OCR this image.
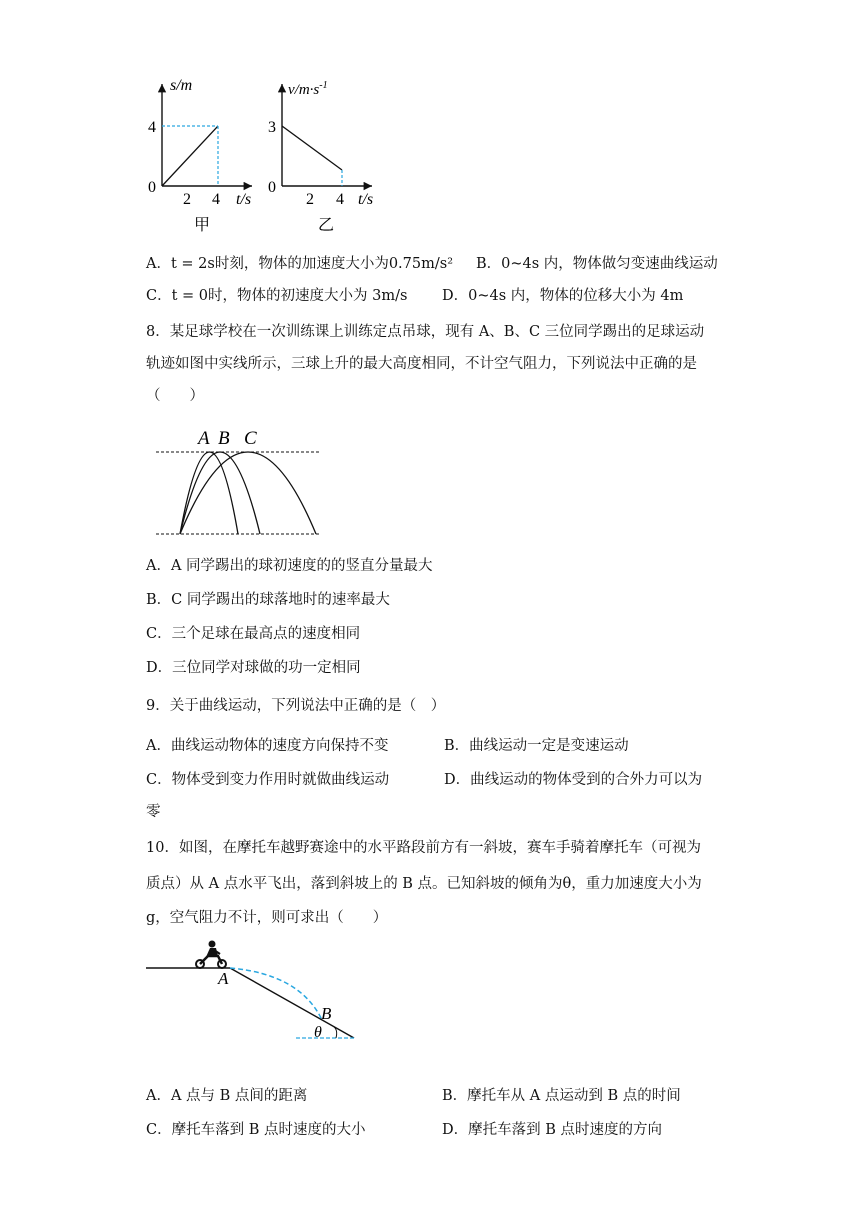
s/m
4
0
2 4 t/s
甲
$v/m\cdot s^{-1}$
3
0
2 4 t/s
乙
A．t = 2s时刻，物体的加速度大小为0.75m/s² B．0~4s 内，物体做匀变速曲线运动
C．t = 0时，物体的初速度大小为 3m/s D．0~4s 内，物体的位移大小为 4m
8．某足球学校在一次训练课上训练定点吊球，现有 A、B、C 三位同学踢出的足球运动
轨迹如图中实线所示，三球上升的最大高度相同，不计空气阻力，下列说法中正确的是
（　　）
A B C
A．A 同学踢出的球初速度的的竖直分量最大
B．C 同学踢出的球落地时的速率最大
C．三个足球在最高点的速度相同
D．三位同学对球做的功一定相同
9．关于曲线运动，下列说法中正确的是（　）
A．曲线运动物体的速度方向保持不变	B．曲线运动一定是变速运动
C．物体受到变力作用时就做曲线运动	D．曲线运动的物体受到的合外力可以为
零
10．如图，在摩托车越野赛途中的水平路段前方有一斜坡，赛车手骑着摩托车（可视为
质点）从 A 点水平飞出，落到斜坡上的 B 点。已知斜坡的倾角为θ，重力加速度大小为
g，空气阻力不计，则可求出（　　）
A
B
θ
A．A 点与 B 点间的距离	B．摩托车从 A 点运动到 B 点的时间
C．摩托车落到 B 点时速度的大小	D．摩托车落到 B 点时速度的方向
